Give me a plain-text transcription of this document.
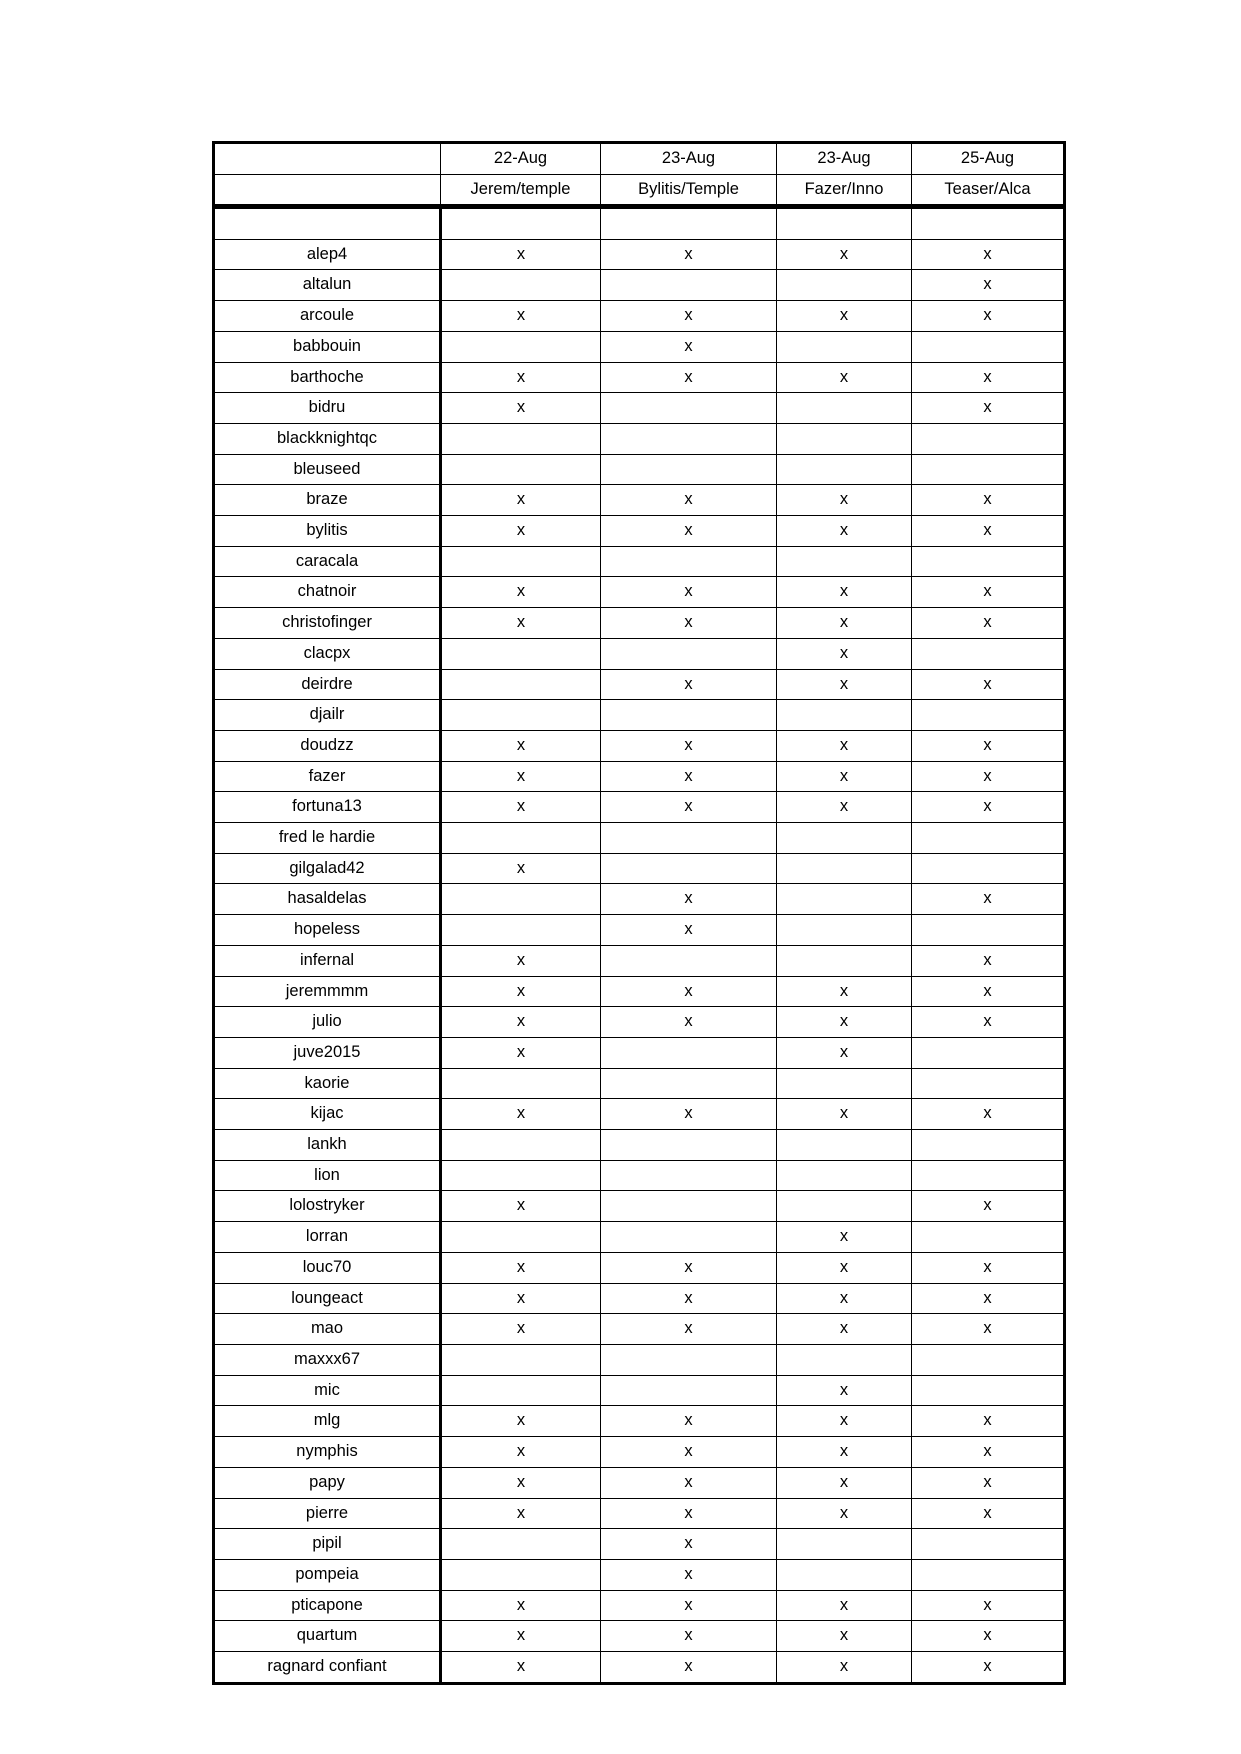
	22-Aug	23-Aug	23-Aug	25-Aug
	Jerem/temple	Bylitis/Temple	Fazer/Inno	Teaser/Alca

alep4	x	x	x	x
altalun				x
arcoule	x	x	x	x
babbouin		x		
barthoche	x	x	x	x
bidru	x			x
blackknightqc				
bleuseed				
braze	x	x	x	x
bylitis	x	x	x	x
caracala				
chatnoir	x	x	x	x
christofinger	x	x	x	x
clacpx			x	
deirdre		x	x	x
djailr				
doudzz	x	x	x	x
fazer	x	x	x	x
fortuna13	x	x	x	x
fred le hardie				
gilgalad42	x			
hasaldelas		x		x
hopeless		x		
infernal	x			x
jeremmmm	x	x	x	x
julio	x	x	x	x
juve2015	x		x	
kaorie				
kijac	x	x	x	x
lankh				
lion				
lolostryker	x			x
lorran			x	
louc70	x	x	x	x
loungeact	x	x	x	x
mao	x	x	x	x
maxxx67				
mic			x	
mlg	x	x	x	x
nymphis	x	x	x	x
papy	x	x	x	x
pierre	x	x	x	x
pipil		x		
pompeia		x		
pticapone	x	x	x	x
quartum	x	x	x	x
ragnard confiant	x	x	x	x
